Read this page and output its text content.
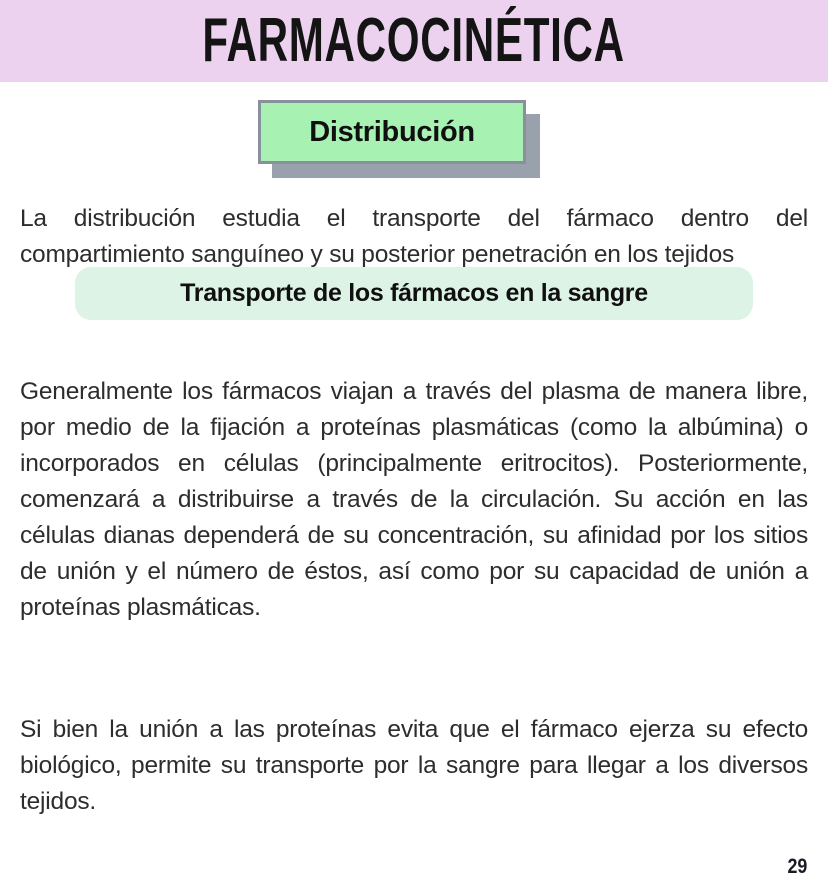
FARMACOCINÉTICA
Distribución

La distribución estudia el transporte del fármaco dentro del compartimiento sanguíneo y su posterior penetración en los tejidos

Transporte de los fármacos en la sangre

Generalmente los fármacos viajan a través del plasma de manera libre, por medio de la fijación a proteínas plasmáticas (como la albúmina) o incorporados en células (principalmente eritrocitos). Posteriormente, comenzará a distribuirse a través de la circulación. Su acción en las células dianas dependerá de su concentración, su afinidad por los sitios de unión y el número de éstos, así como por su capacidad de unión a proteínas plasmáticas.

Si bien la unión a las proteínas evita que el fármaco ejerza su efecto biológico, permite su transporte por la sangre para llegar a los diversos tejidos.

29
